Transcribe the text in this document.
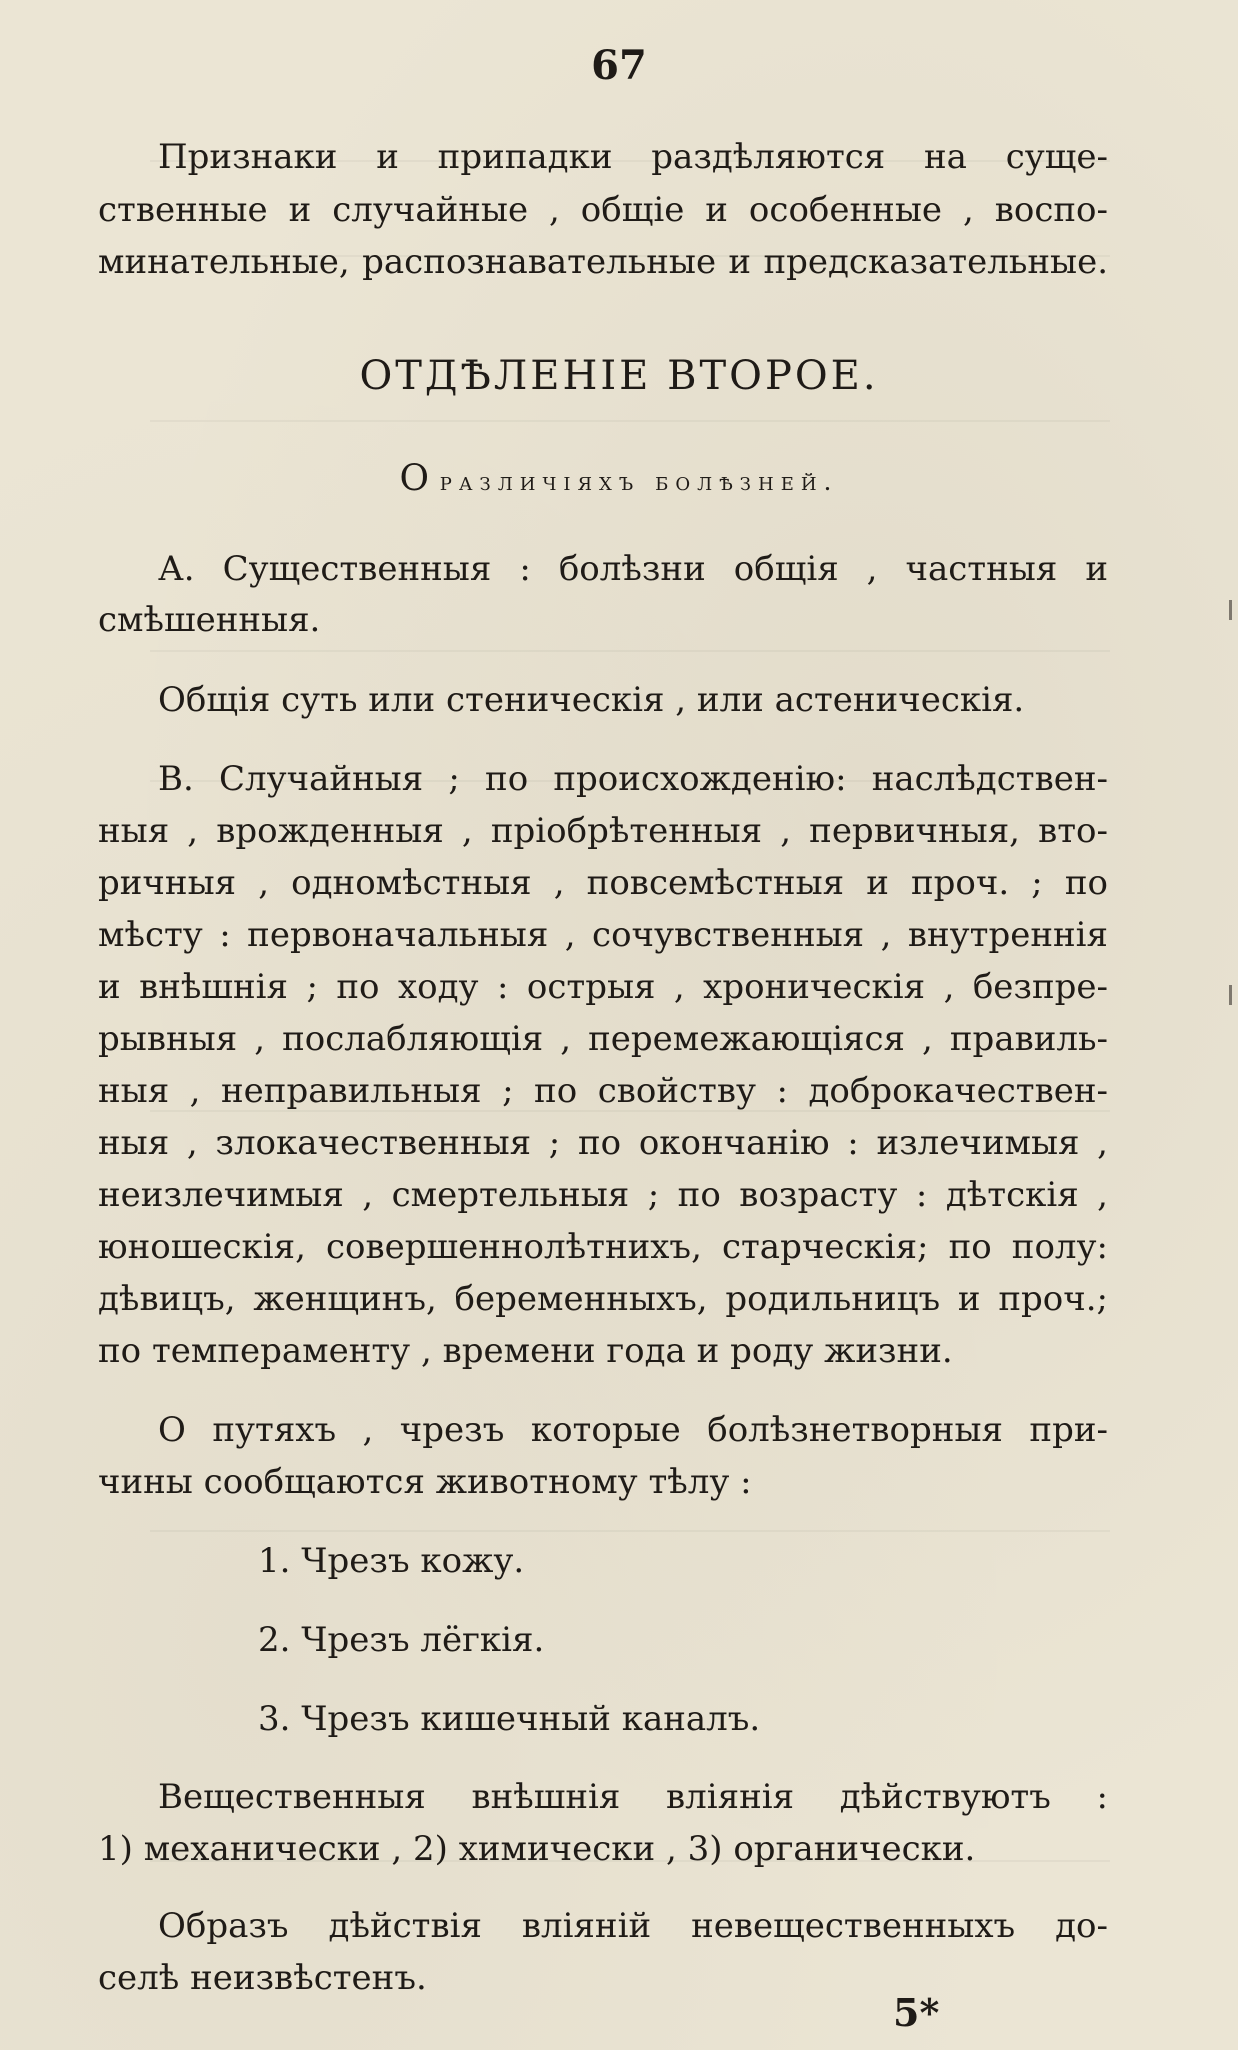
67
Признаки и припадки раздѣляются на суще-
ственные и случайные , общіе и особенные , воспо-
минательные, распознавательные и предсказательные.
ОТДѢЛЕНІЕ ВТОРОЕ.
О различіяхъ болѣзней.
А. Существенныя : болѣзни общія , частныя и
смѣшенныя.
Общія суть или стеническія , или астеническія.
В. Случайныя ; по происхожденію: наслѣдствен-
ныя , врожденныя , пріобрѣтенныя , первичныя, вто-
ричныя , одномѣстныя , повсемѣстныя и проч. ; по
мѣсту : первоначальныя , сочувственныя , внутреннія
и внѣшнія ; по ходу : острыя , хроническія , безпре-
рывныя , послабляющія , перемежающіяся , правиль-
ныя , неправильныя ; по свойству : доброкачествен-
ныя , злокачественныя ; по окончанію : излечимыя ,
неизлечимыя , смертельныя ; по возрасту : дѣтскія ,
юношескія, совершеннолѣтнихъ, старческія; по полу:
дѣвицъ, женщинъ, беременныхъ, родильницъ и проч.;
по темпераменту , времени года и роду жизни.
О путяхъ , чрезъ которые болѣзнетворныя при-
чины сообщаются животному тѣлу :
1. Чрезъ кожу.
2. Чрезъ лёгкія.
3. Чрезъ кишечный каналъ.
Вещественныя внѣшнія вліянія дѣйствуютъ :
1) механически , 2) химически , 3) органически.
Образъ дѣйствія вліяній невещественныхъ до-
селѣ неизвѣстенъ.
5*
